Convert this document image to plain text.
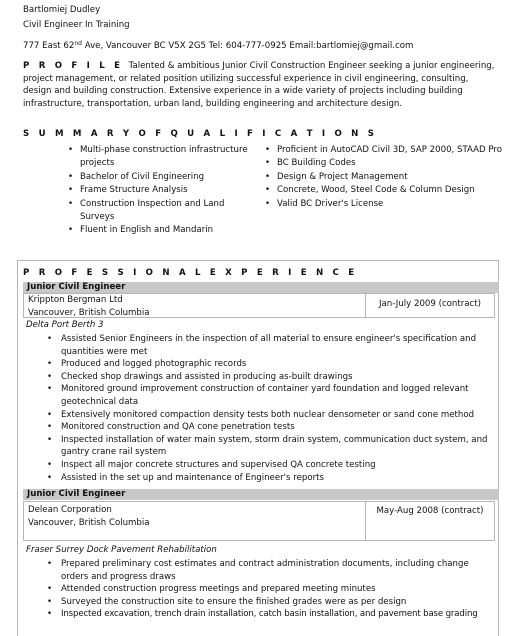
Bartlomiej Dudley
Civil Engineer In Training
777 East 62nd Ave, Vancouver BC V5X 2G5 Tel: 604-777-0925 Email:bartlomiej@gmail.com
P R O F I L E Talented & ambitious Junior Civil Construction Engineer seeking a junior engineering, project management, or related position utilizing successful experience in civil engineering, consulting, design and building construction. Extensive experience in a wide variety of projects including building infrastructure, transportation, urban land, building engineering and architecture design.
S U M M A R Y O F Q U A L I F I C A T I O N S
• Multi-phase construction infrastructure projects
• Bachelor of Civil Engineering
• Frame Structure Analysis
• Construction Inspection and Land Surveys
• Fluent in English and Mandarin
• Proficient in AutoCAD Civil 3D, SAP 2000, STAAD Pro
• BC Building Codes
• Design & Project Management
• Concrete, Wood, Steel Code & Column Design
• Valid BC Driver's License
P R O F E S S I O N A L E X P E R I E N C E
Junior Civil Engineer
Krippton Bergman Ltd
Vancouver, British Columbia
Jan-July 2009 (contract)
Delta Port Berth 3
• Assisted Senior Engineers in the inspection of all material to ensure engineer's specification and quantities were met
• Produced and logged photographic records
• Checked shop drawings and assisted in producing as-built drawings
• Monitored ground improvement construction of container yard foundation and logged relevant geotechnical data
• Extensively monitored compaction density tests both nuclear densometer or sand cone method
• Monitored construction and QA cone penetration tests
• Inspected installation of water main system, storm drain system, communication duct system, and gantry crane rail system
• Inspect all major concrete structures and supervised QA concrete testing
• Assisted in the set up and maintenance of Engineer's reports
Junior Civil Engineer
Delean Corporation
Vancouver, British Columbia
May-Aug 2008 (contract)
Fraser Surrey Dock Pavement Rehabilitation
• Prepared preliminary cost estimates and contract administration documents, including change orders and progress draws
• Attended construction progress meetings and prepared meeting minutes
• Surveyed the construction site to ensure the finished grades were as per design
• Inspected excavation, trench drain installation, catch basin installation, and pavement base grading
